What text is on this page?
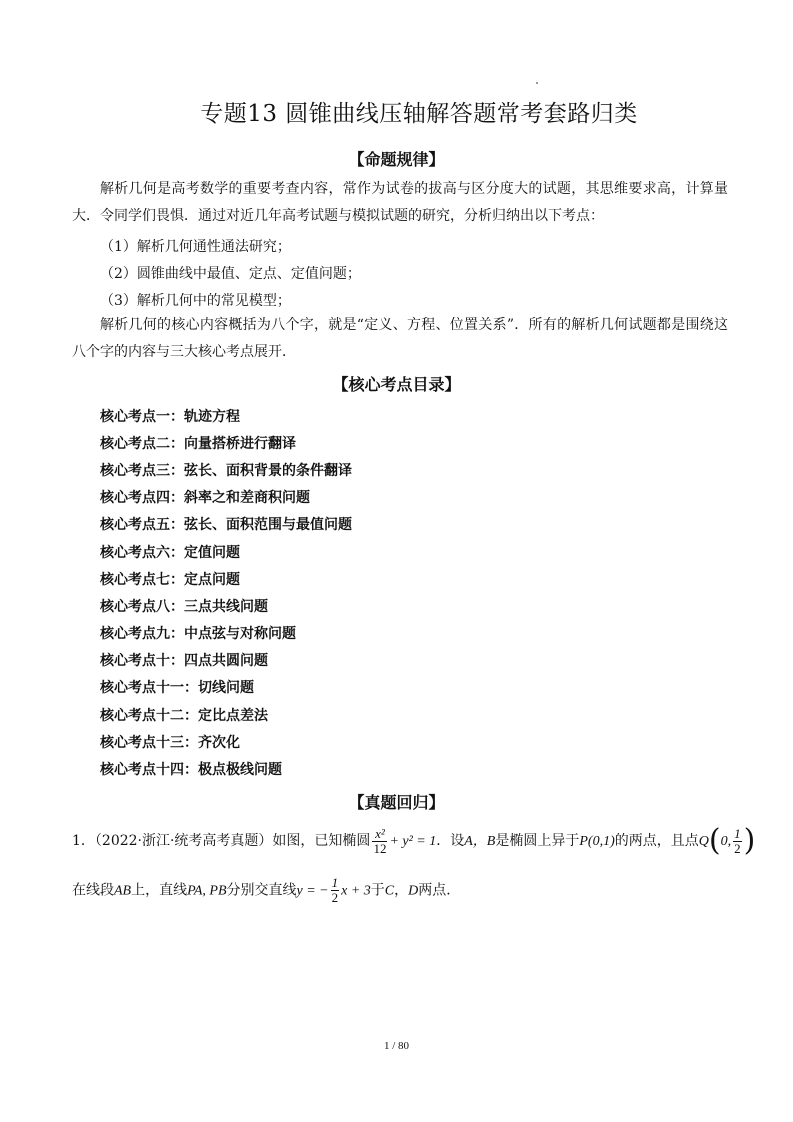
专题13 圆锥曲线压轴解答题常考套路归类
【命题规律】
解析几何是高考数学的重要考查内容，常作为试卷的拔高与区分度大的试题，其思维要求高，计算量大．令同学们畏惧．通过对近几年高考试题与模拟试题的研究，分析归纳出以下考点：
（1）解析几何通性通法研究；
（2）圆锥曲线中最值、定点、定值问题；
（3）解析几何中的常见模型；
解析几何的核心内容概括为八个字，就是“定义、方程、位置关系”．所有的解析几何试题都是围绕这八个字的内容与三大核心考点展开．
【核心考点目录】
核心考点一：轨迹方程
核心考点二：向量搭桥进行翻译
核心考点三：弦长、面积背景的条件翻译
核心考点四：斜率之和差商积问题
核心考点五：弦长、面积范围与最值问题
核心考点六：定值问题
核心考点七：定点问题
核心考点八：三点共线问题
核心考点九：中点弦与对称问题
核心考点十：四点共圆问题
核心考点十一：切线问题
核心考点十二：定比点差法
核心考点十三：齐次化
核心考点十四：极点极线问题
【真题回归】
1．（2022·浙江·统考高考真题）如图，已知椭圆 $\frac{\text{x²}}{12} + y^2 = 1$．设A，B是椭圆上异于P(0,1)的两点，且点Q(0, $\frac{1}{2}$ )
在线段AB上，直线PA, PB分别交直线y = − $\frac{1}{2}$ x + 3于C，D两点．
1 / 80
